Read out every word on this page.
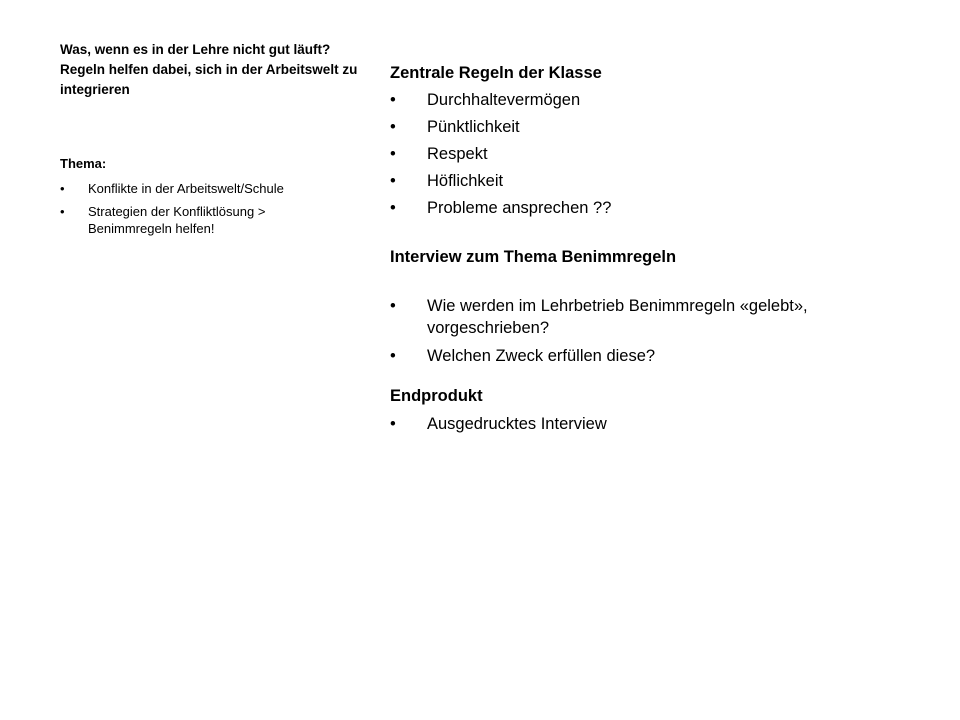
Was, wenn es in der Lehre nicht gut läuft? Regeln helfen dabei, sich in der Arbeitswelt zu integrieren

Thema:

• Konflikte in der Arbeitswelt/Schule
• Strategien der Konfliktlösung > Benimmregeln helfen!

Zentrale Regeln der Klasse

• Durchhaltevermögen
• Pünktlichkeit
• Respekt
• Höflichkeit
• Probleme ansprechen ??

Interview zum Thema Benimmregeln

• Wie werden im Lehrbetrieb Benimmregeln «gelebt», vorgeschrieben?
• Welchen Zweck erfüllen diese?

Endprodukt

• Ausgedrucktes Interview
